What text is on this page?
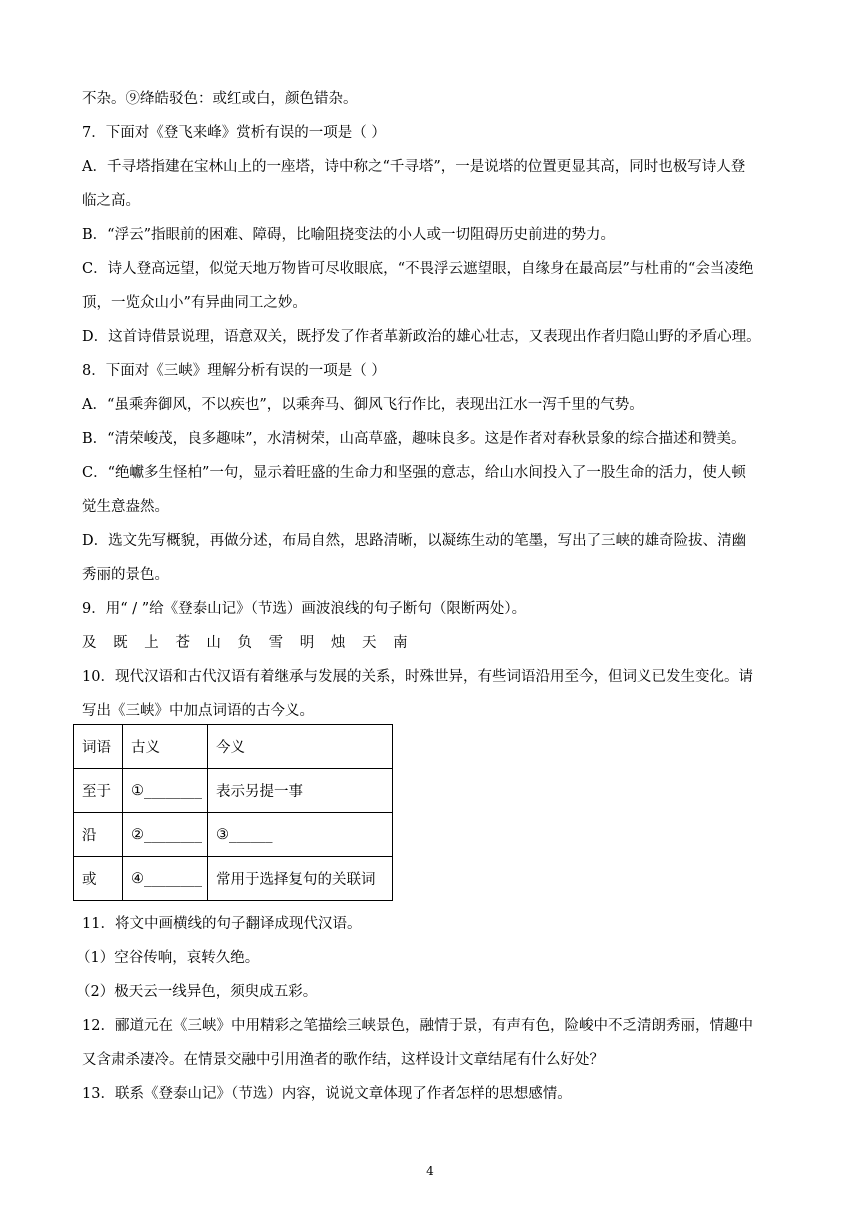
不杂。⑨绛皓驳色：或红或白，颜色错杂。
7．下面对《登飞来峰》赏析有误的一项是（ ）
A．千寻塔指建在宝林山上的一座塔，诗中称之“千寻塔”，一是说塔的位置更显其高，同时也极写诗人登
临之高。
B．“浮云”指眼前的困难、障碍，比喻阻挠变法的小人或一切阻碍历史前进的势力。
C．诗人登高远望，似觉天地万物皆可尽收眼底，“不畏浮云遮望眼，自缘身在最高层”与杜甫的“会当凌绝
顶，一览众山小”有异曲同工之妙。
D．这首诗借景说理，语意双关，既抒发了作者革新政治的雄心壮志，又表现出作者归隐山野的矛盾心理。
8．下面对《三峡》理解分析有误的一项是（ ）
A．“虽乘奔御风，不以疾也”，以乘奔马、御风飞行作比，表现出江水一泻千里的气势。
B．“清荣峻茂，良多趣味”，水清树荣，山高草盛，趣味良多。这是作者对春秋景象的综合描述和赞美。
C．“绝巘多生怪柏”一句，显示着旺盛的生命力和坚强的意志，给山水间投入了一股生命的活力，使人顿
觉生意盎然。
D．选文先写概貌，再做分述，布局自然，思路清晰，以凝练生动的笔墨，写出了三峡的雄奇险拔、清幽
秀丽的景色。
9．用“ / ”给《登泰山记》（节选）画波浪线的句子断句（限断两处）。
及 既 上 苍 山 负 雪 明 烛 天 南
10．现代汉语和古代汉语有着继承与发展的关系，时殊世异，有些词语沿用至今，但词义已发生变化。请
写出《三峡》中加点词语的古今义。
词语	古义	今义
至于	①________	表示另提一事
沿	②________	③______
或	④________	常用于选择复句的关联词
11．将文中画横线的句子翻译成现代汉语。
（1）空谷传响，哀转久绝。
（2）极天云一线异色，须臾成五彩。
12．郦道元在《三峡》中用精彩之笔描绘三峡景色，融情于景，有声有色，险峻中不乏清朗秀丽，情趣中
又含肃杀凄冷。在情景交融中引用渔者的歌作结，这样设计文章结尾有什么好处？
13．联系《登泰山记》（节选）内容，说说文章体现了作者怎样的思想感情。
4
